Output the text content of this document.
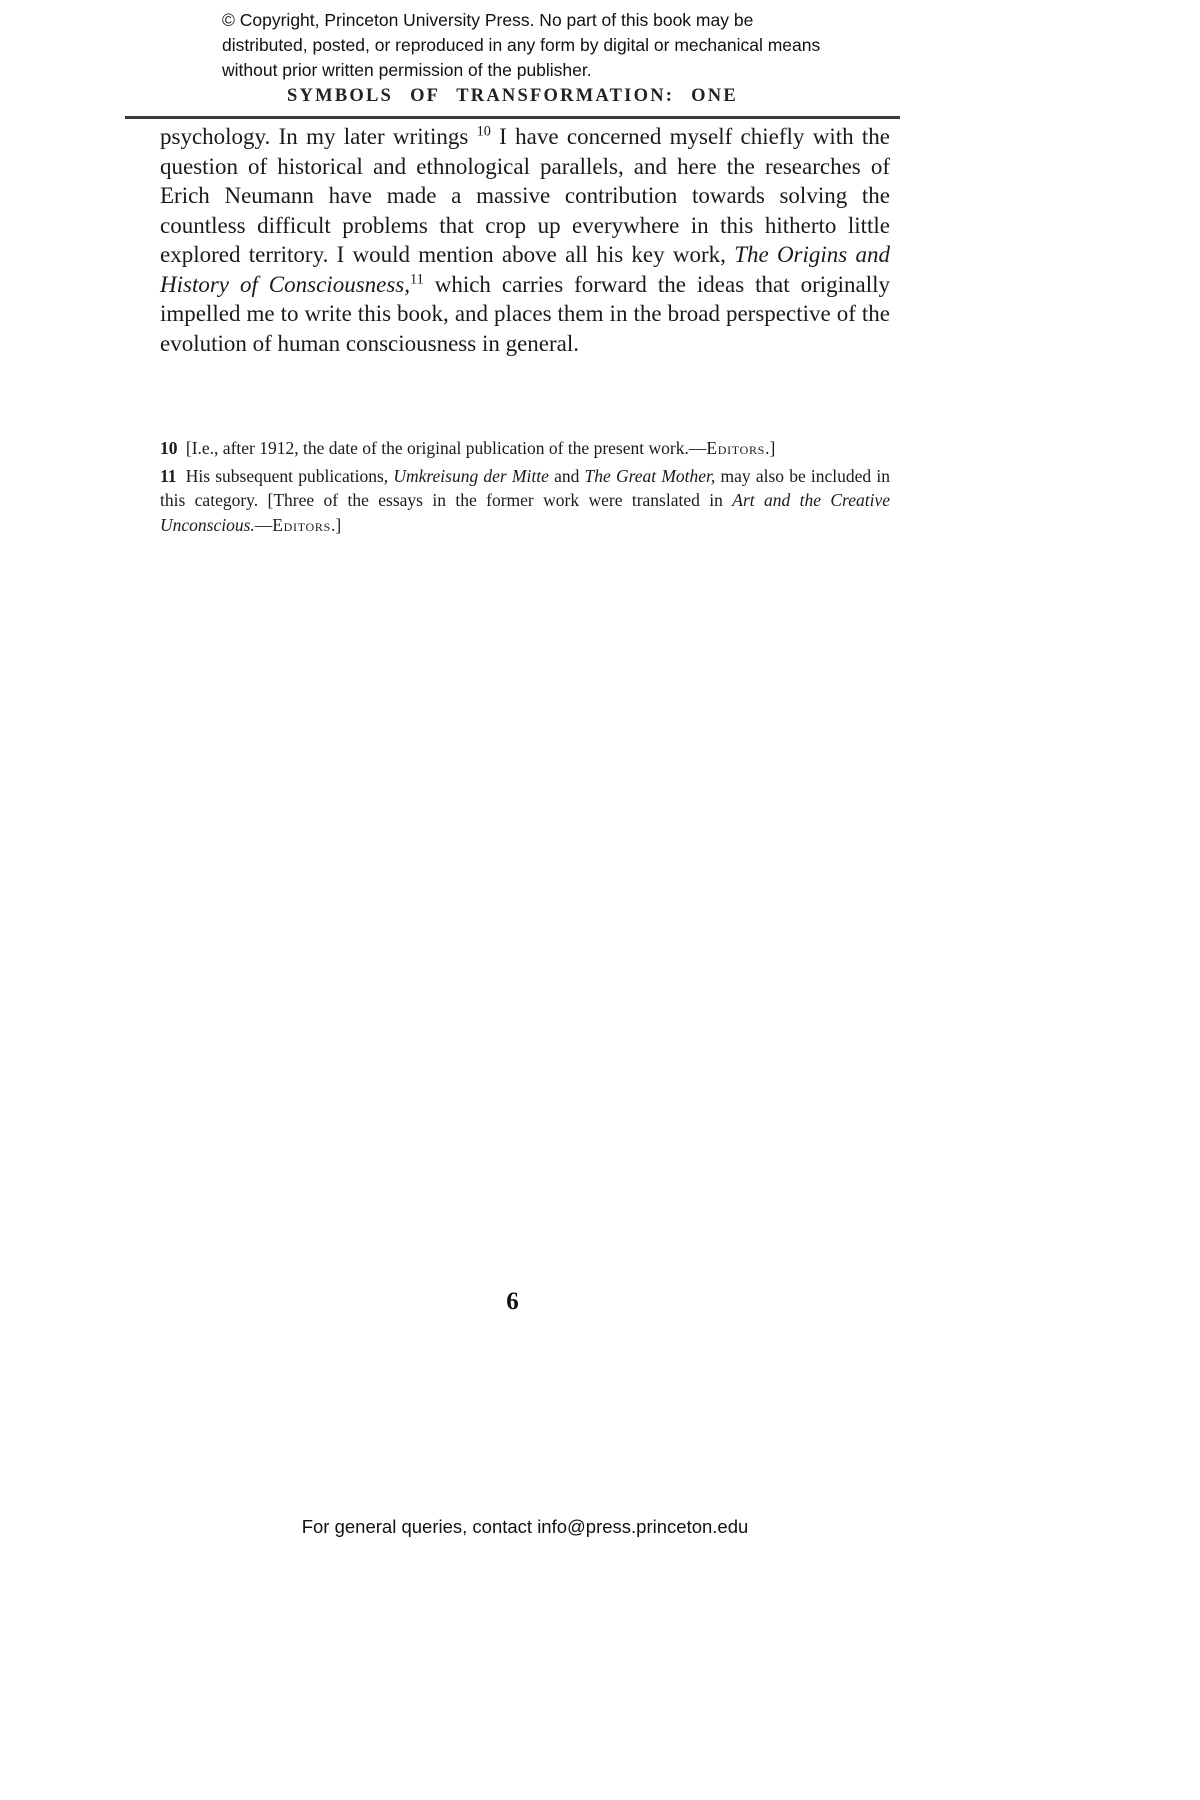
© Copyright, Princeton University Press. No part of this book may be distributed, posted, or reproduced in any form by digital or mechanical means without prior written permission of the publisher.
SYMBOLS OF TRANSFORMATION: ONE

psychology. In my later writings $^{10}$ I have concerned myself chiefly with the question of historical and ethnological parallels, and here the researches of Erich Neumann have made a massive contribution towards solving the countless difficult problems that crop up everywhere in this hitherto little explored territory. I would mention above all his key work, The Origins and History of Consciousness,$^{11}$ which carries forward the ideas that originally impelled me to write this book, and places them in the broad perspective of the evolution of human consciousness in general.

10 [I.e., after 1912, the date of the original publication of the present work.—Editors.]

11 His subsequent publications, Umkreisung der Mitte and The Great Mother, may also be included in this category. [Three of the essays in the former work were translated in Art and the Creative Unconscious.—Editors.]

6
For general queries, contact info@press.princeton.edu
